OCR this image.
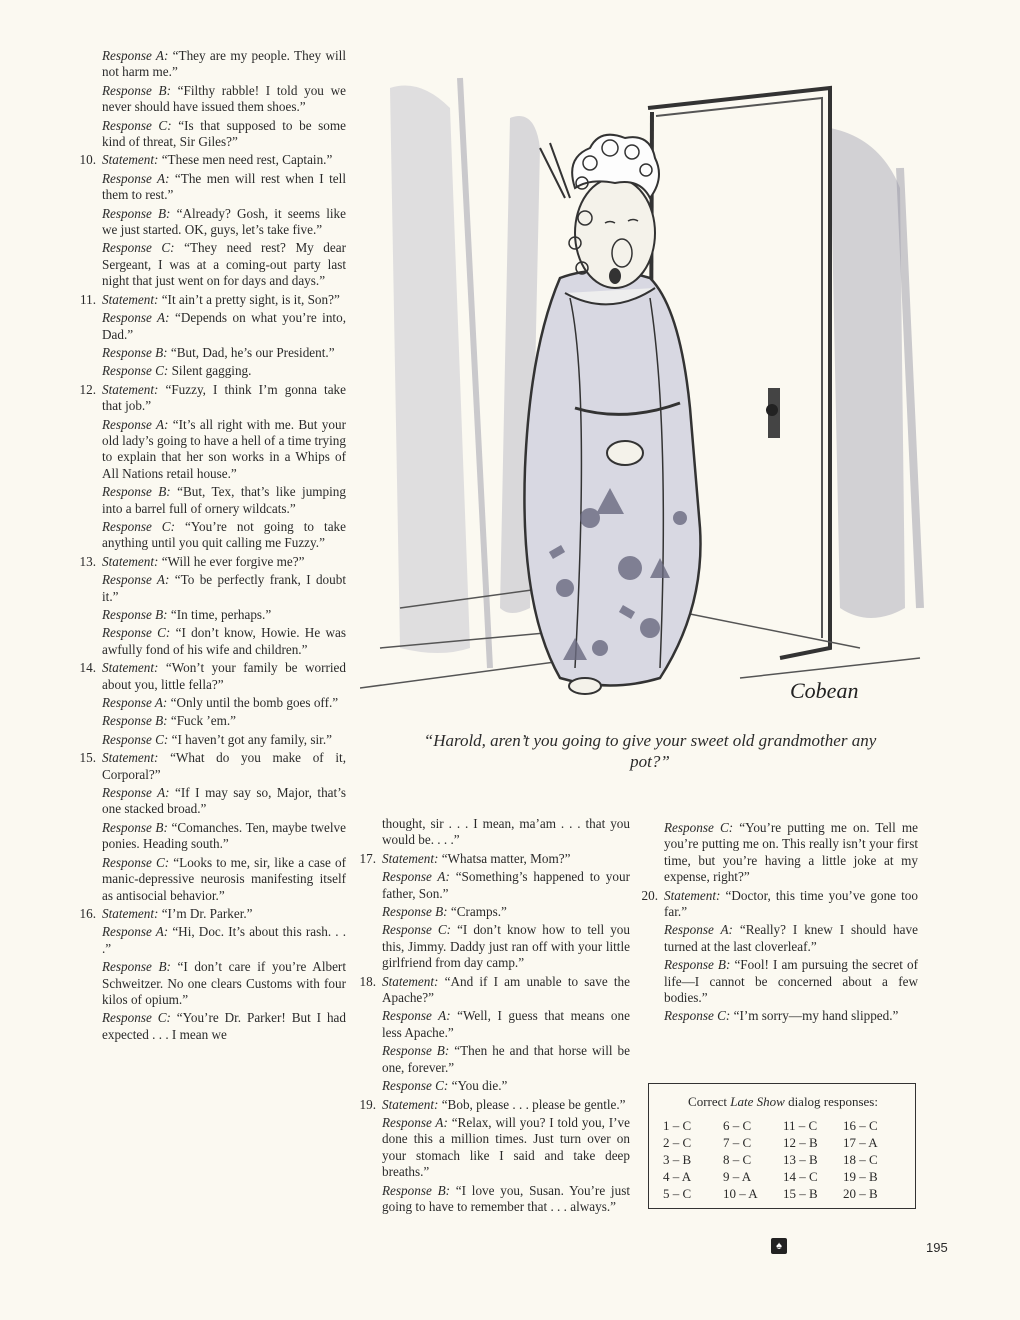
Response A: “They are my people. They will not harm me.”
Response B: “Filthy rabble! I told you we never should have issued them shoes.”
Response C: “Is that supposed to be some kind of threat, Sir Giles?”
10. Statement: “These men need rest, Captain.”
Response A: “The men will rest when I tell them to rest.”
Response B: “Already? Gosh, it seems like we just started. OK, guys, let’s take five.”
Response C: “They need rest? My dear Sergeant, I was at a coming-out party last night that just went on for days and days.”
11. Statement: “It ain’t a pretty sight, is it, Son?”
Response A: “Depends on what you’re into, Dad.”
Response B: “But, Dad, he’s our President.”
Response C: Silent gagging.
12. Statement: “Fuzzy, I think I’m gonna take that job.”
Response A: “It’s all right with me. But your old lady’s going to have a hell of a time trying to explain that her son works in a Whips of All Nations retail house.”
Response B: “But, Tex, that’s like jumping into a barrel full of ornery wildcats.”
Response C: “You’re not going to take anything until you quit calling me Fuzzy.”
13. Statement: “Will he ever forgive me?”
Response A: “To be perfectly frank, I doubt it.”
Response B: “In time, perhaps.”
Response C: “I don’t know, Howie. He was awfully fond of his wife and children.”
14. Statement: “Won’t your family be worried about you, little fella?”
Response A: “Only until the bomb goes off.”
Response B: “Fuck ’em.”
Response C: “I haven’t got any family, sir.”
15. Statement: “What do you make of it, Corporal?”
Response A: “If I may say so, Major, that’s one stacked broad.”
Response B: “Comanches. Ten, maybe twelve ponies. Heading south.”
Response C: “Looks to me, sir, like a case of manic-depressive neurosis manifesting itself as antisocial behavior.”
16. Statement: “I’m Dr. Parker.”
Response A: “Hi, Doc. It’s about this rash. . . .”
Response B: “I don’t care if you’re Albert Schweitzer. No one clears Customs with four kilos of opium.”
Response C: “You’re Dr. Parker! But I had expected . . . I mean we
thought, sir . . . I mean, ma’am . . . that you would be. . . .”
17. Statement: “Whatsa matter, Mom?”
Response A: “Something’s happened to your father, Son.”
Response B: “Cramps.”
Response C: “I don’t know how to tell you this, Jimmy. Daddy just ran off with your little girlfriend from day camp.”
18. Statement: “And if I am unable to save the Apache?”
Response A: “Well, I guess that means one less Apache.”
Response B: “Then he and that horse will be one, forever.”
Response C: “You die.”
19. Statement: “Bob, please . . . please be gentle.”
Response A: “Relax, will you? I told you, I’ve done this a million times. Just turn over on your stomach like I said and take deep breaths.”
Response B: “I love you, Susan. You’re just going to have to remember that . . . always.”
Response C: “You’re putting me on. Tell me you’re putting me on. This really isn’t your first time, but you’re having a little joke at my expense, right?”
20. Statement: “Doctor, this time you’ve gone too far.”
Response A: “Really? I knew I should have turned at the last cloverleaf.”
Response B: “Fool! I am pursuing the secret of life—I cannot be concerned about a few bodies.”
Response C: “I’m sorry—my hand slipped.”
Cobean
“Harold, aren’t you going to give your sweet old grandmother any pot?”
Correct Late Show dialog responses:
1 – C	6 – C	11 – C	16 – C
2 – C	7 – C	12 – B	17 – A
3 – B	8 – C	13 – B	18 – C
4 – A	9 – A	14 – C	19 – B
5 – C	10 – A	15 – B	20 – B
♠	195
